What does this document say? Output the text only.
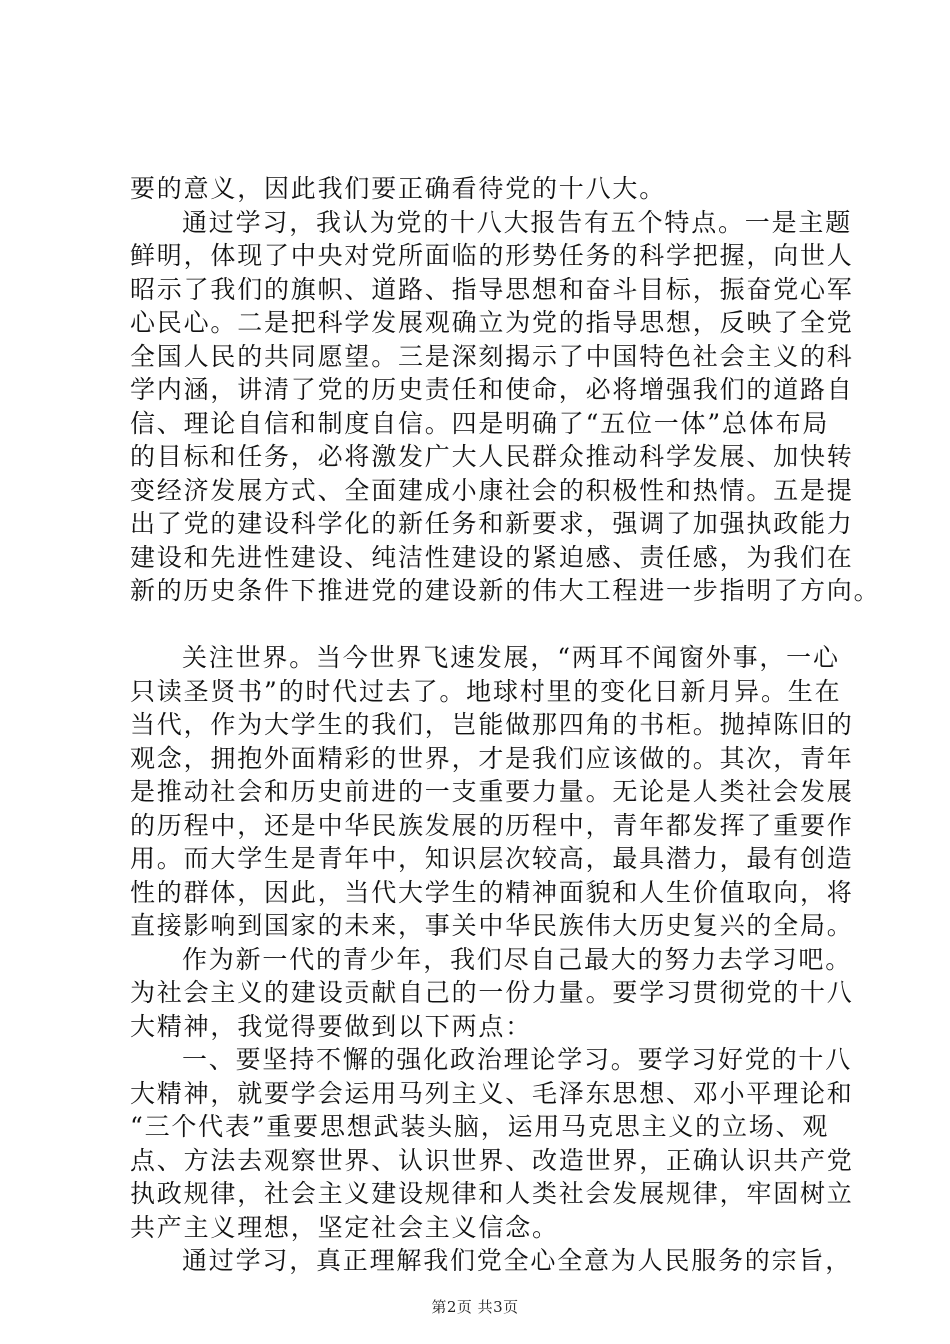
要的意义，因此我们要正确看待党的十八大。
通过学习，我认为党的十八大报告有五个特点。一是主题
鲜明，体现了中央对党所面临的形势任务的科学把握，向世人
昭示了我们的旗帜、道路、指导思想和奋斗目标，振奋党心军
心民心。二是把科学发展观确立为党的指导思想，反映了全党
全国人民的共同愿望。三是深刻揭示了中国特色社会主义的科
学内涵，讲清了党的历史责任和使命，必将增强我们的道路自
信、理论自信和制度自信。四是明确了“五位一体”总体布局
的目标和任务，必将激发广大人民群众推动科学发展、加快转
变经济发展方式、全面建成小康社会的积极性和热情。五是提
出了党的建设科学化的新任务和新要求，强调了加强执政能力
建设和先进性建设、纯洁性建设的紧迫感、责任感，为我们在
新的历史条件下推进党的建设新的伟大工程进一步指明了方向。
关注世界。当今世界飞速发展，“两耳不闻窗外事，一心
只读圣贤书”的时代过去了。地球村里的变化日新月异。生在
当代，作为大学生的我们，岂能做那四角的书柜。抛掉陈旧的
观念，拥抱外面精彩的世界，才是我们应该做的。其次，青年
是推动社会和历史前进的一支重要力量。无论是人类社会发展
的历程中，还是中华民族发展的历程中，青年都发挥了重要作
用。而大学生是青年中，知识层次较高，最具潜力，最有创造
性的群体，因此，当代大学生的精神面貌和人生价值取向，将
直接影响到国家的未来，事关中华民族伟大历史复兴的全局。
作为新一代的青少年，我们尽自己最大的努力去学习吧。
为社会主义的建设贡献自己的一份力量。要学习贯彻党的十八
大精神，我觉得要做到以下两点：
一、要坚持不懈的强化政治理论学习。要学习好党的十八
大精神，就要学会运用马列主义、毛泽东思想、邓小平理论和
“三个代表”重要思想武装头脑，运用马克思主义的立场、观
点、方法去观察世界、认识世界、改造世界，正确认识共产党
执政规律，社会主义建设规律和人类社会发展规律，牢固树立
共产主义理想，坚定社会主义信念。
通过学习，真正理解我们党全心全意为人民服务的宗旨，
第2页 共3页
